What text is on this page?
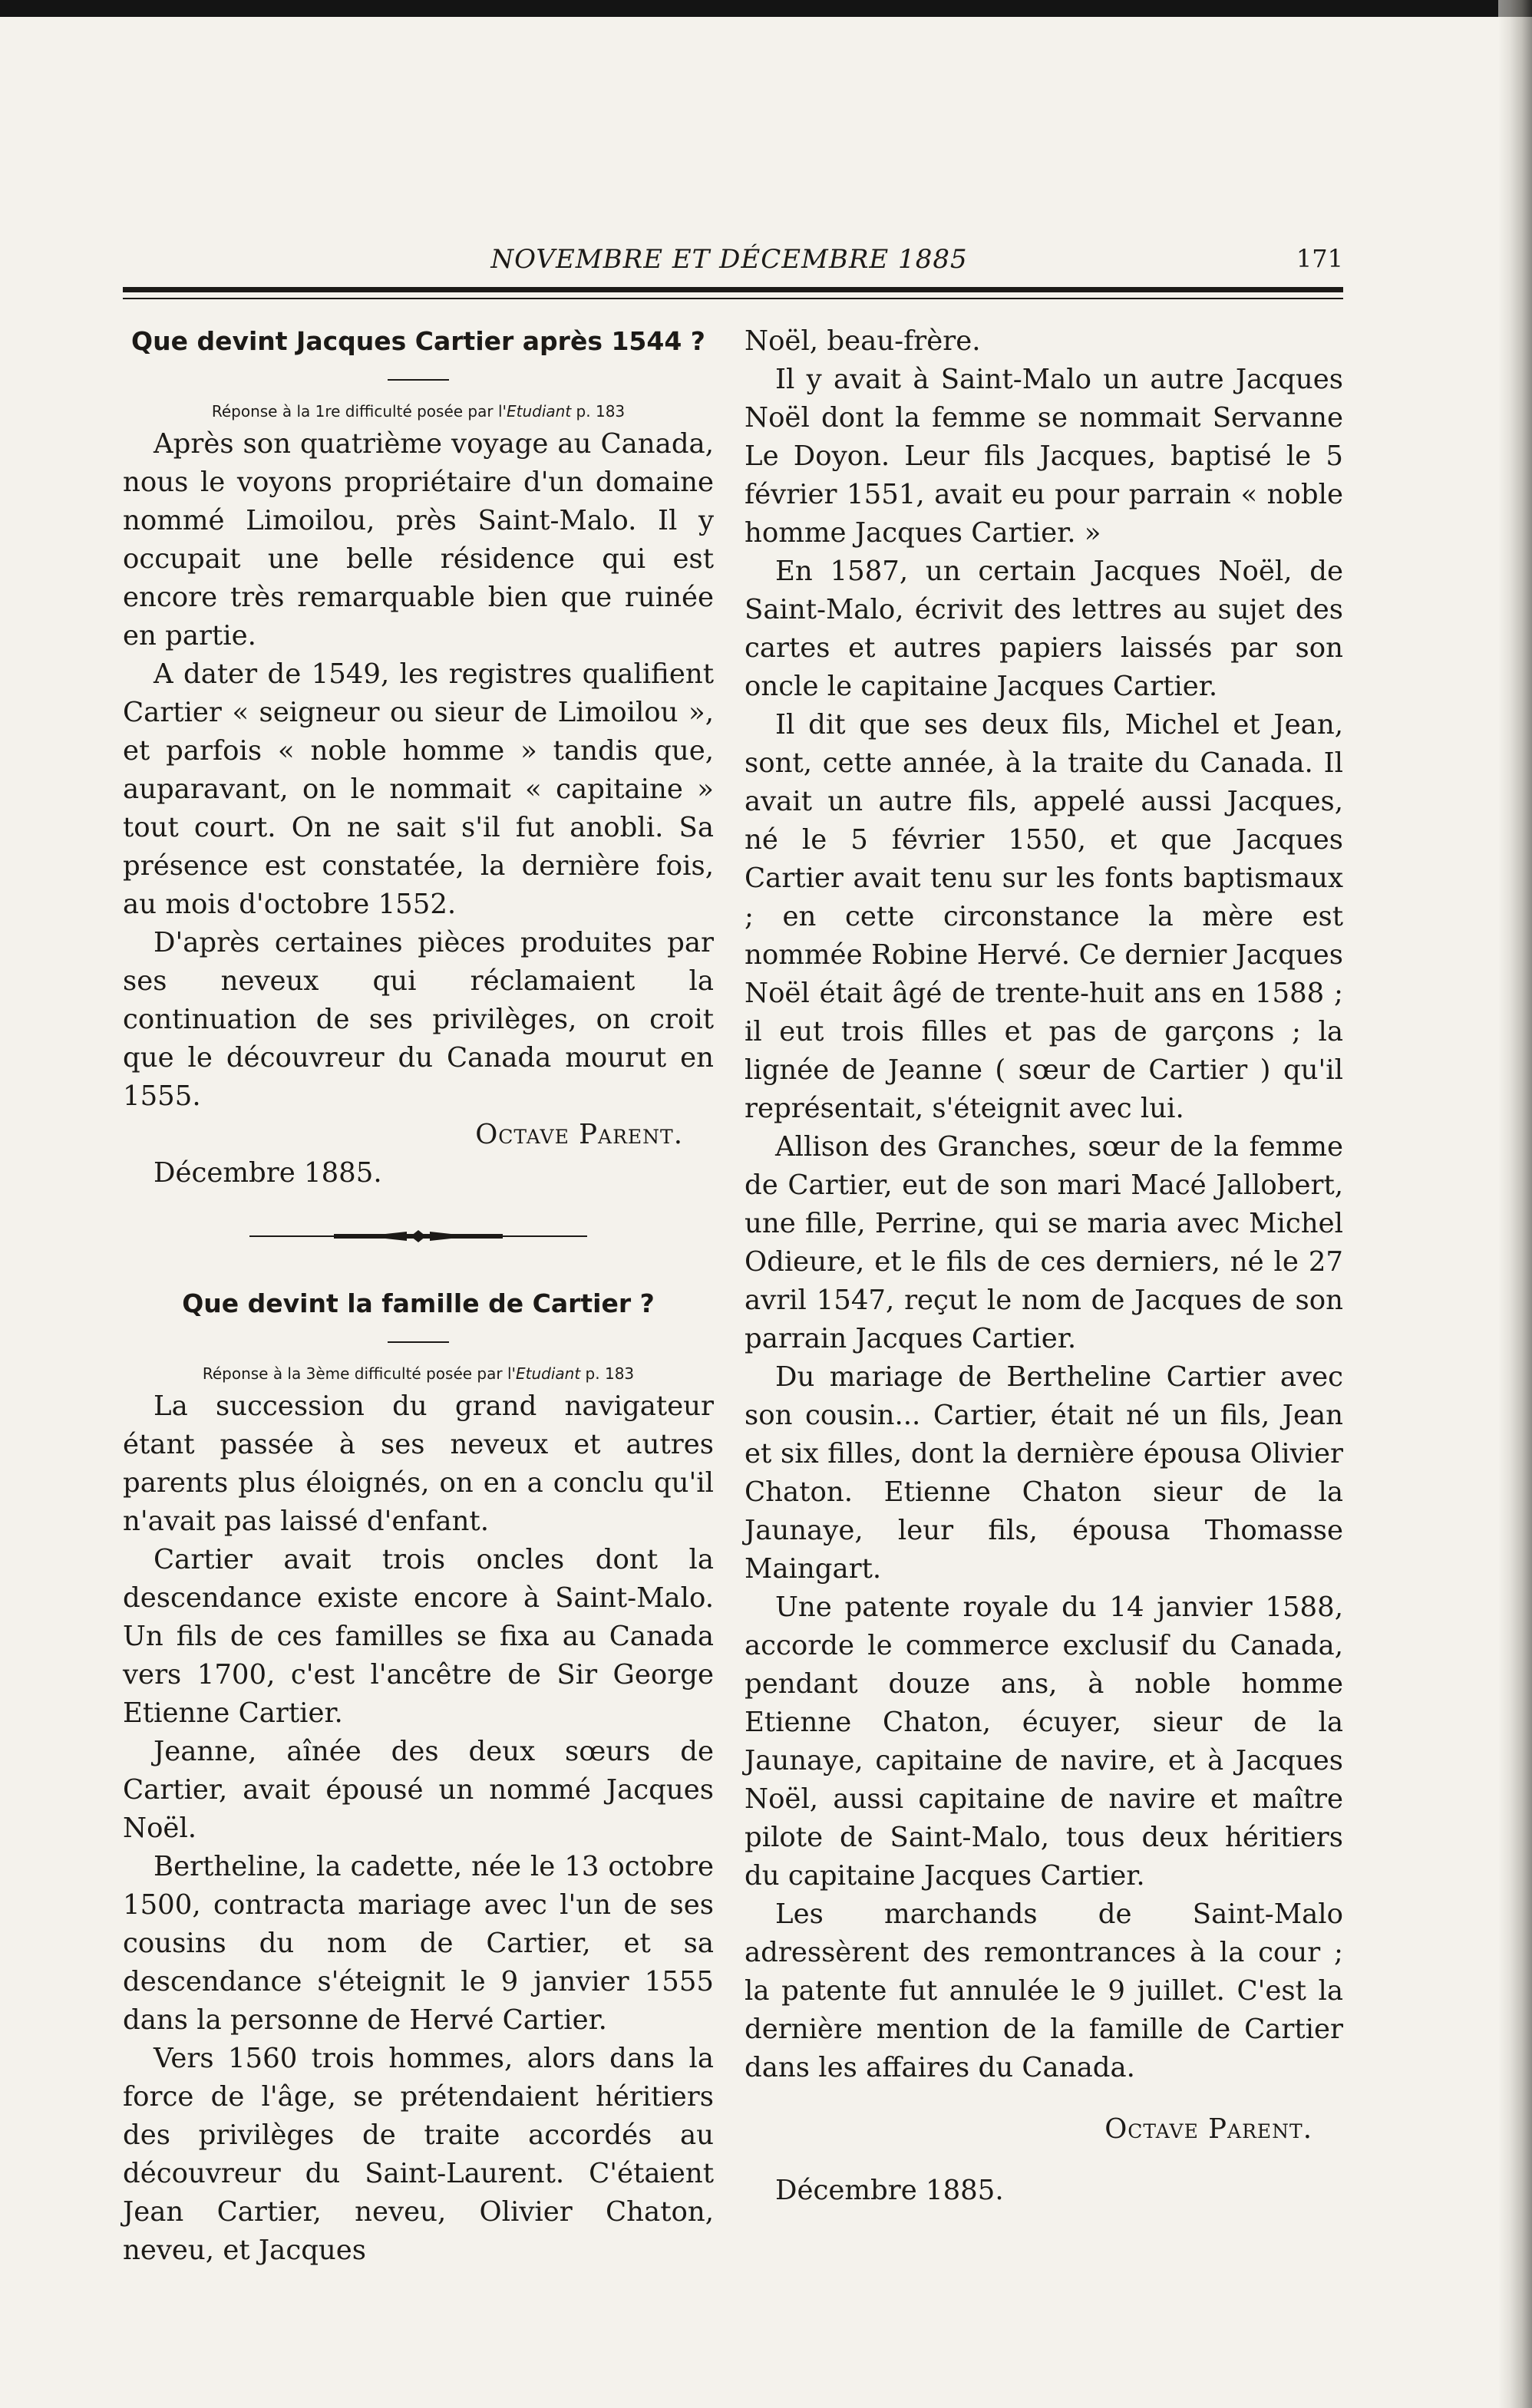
NOVEMBRE ET DÉCEMBRE 1885	171
Que devint Jacques Cartier après 1544 ?

Réponse à la 1re difficulté posée par l'Etudiant p. 183

Après son quatrième voyage au Canada, nous le voyons propriétaire d'un domaine nommé Limoilou, près Saint-Malo. Il y occupait une belle résidence qui est encore très remarquable bien que ruinée en partie.

A dater de 1549, les registres qualifient Cartier « seigneur ou sieur de Limoilou », et parfois « noble homme » tandis que, auparavant, on le nommait « capitaine » tout court. On ne sait s'il fut anobli. Sa présence est constatée, la dernière fois, au mois d'octobre 1552.

D'après certaines pièces produites par ses neveux qui réclamaient la continuation de ses privilèges, on croit que le découvreur du Canada mourut en 1555.

Octave Parent.

Décembre 1885.

Que devint la famille de Cartier ?

Réponse à la 3ème difficulté posée par l'Etudiant p. 183

La succession du grand navigateur étant passée à ses neveux et autres parents plus éloignés, on en a conclu qu'il n'avait pas laissé d'enfant.

Cartier avait trois oncles dont la descendance existe encore à Saint-Malo. Un fils de ces familles se fixa au Canada vers 1700, c'est l'ancêtre de Sir George Etienne Cartier.

Jeanne, aînée des deux sœurs de Cartier, avait épousé un nommé Jacques Noël.

Bertheline, la cadette, née le 13 octobre 1500, contracta mariage avec l'un de ses cousins du nom de Cartier, et sa descendance s'éteignit le 9 janvier 1555 dans la personne de Hervé Cartier.

Vers 1560 trois hommes, alors dans la force de l'âge, se prétendaient héritiers des privilèges de traite accordés au découvreur du Saint-Laurent. C'étaient Jean Cartier, neveu, Olivier Chaton, neveu, et Jacques

Noël, beau-frère.

Il y avait à Saint-Malo un autre Jacques Noël dont la femme se nommait Servanne Le Doyon. Leur fils Jacques, baptisé le 5 février 1551, avait eu pour parrain « noble homme Jacques Cartier. »

En 1587, un certain Jacques Noël, de Saint-Malo, écrivit des lettres au sujet des cartes et autres papiers laissés par son oncle le capitaine Jacques Cartier.

Il dit que ses deux fils, Michel et Jean, sont, cette année, à la traite du Canada. Il avait un autre fils, appelé aussi Jacques, né le 5 février 1550, et que Jacques Cartier avait tenu sur les fonts baptismaux ; en cette circonstance la mère est nommée Robine Hervé. Ce dernier Jacques Noël était âgé de trente-huit ans en 1588 ; il eut trois filles et pas de garçons ; la lignée de Jeanne ( sœur de Cartier ) qu'il représentait, s'éteignit avec lui.

Allison des Granches, sœur de la femme de Cartier, eut de son mari Macé Jallobert, une fille, Perrine, qui se maria avec Michel Odieure, et le fils de ces derniers, né le 27 avril 1547, reçut le nom de Jacques de son parrain Jacques Cartier.

Du mariage de Bertheline Cartier avec son cousin... Cartier, était né un fils, Jean et six filles, dont la dernière épousa Olivier Chaton. Etienne Chaton sieur de la Jaunaye, leur fils, épousa Thomasse Maingart.

Une patente royale du 14 janvier 1588, accorde le commerce exclusif du Canada, pendant douze ans, à noble homme Etienne Chaton, écuyer, sieur de la Jaunaye, capitaine de navire, et à Jacques Noël, aussi capitaine de navire et maître pilote de Saint-Malo, tous deux héritiers du capitaine Jacques Cartier.

Les marchands de Saint-Malo adressèrent des remontrances à la cour ; la patente fut annulée le 9 juillet. C'est la dernière mention de la famille de Cartier dans les affaires du Canada.

Octave Parent.

Décembre 1885.
